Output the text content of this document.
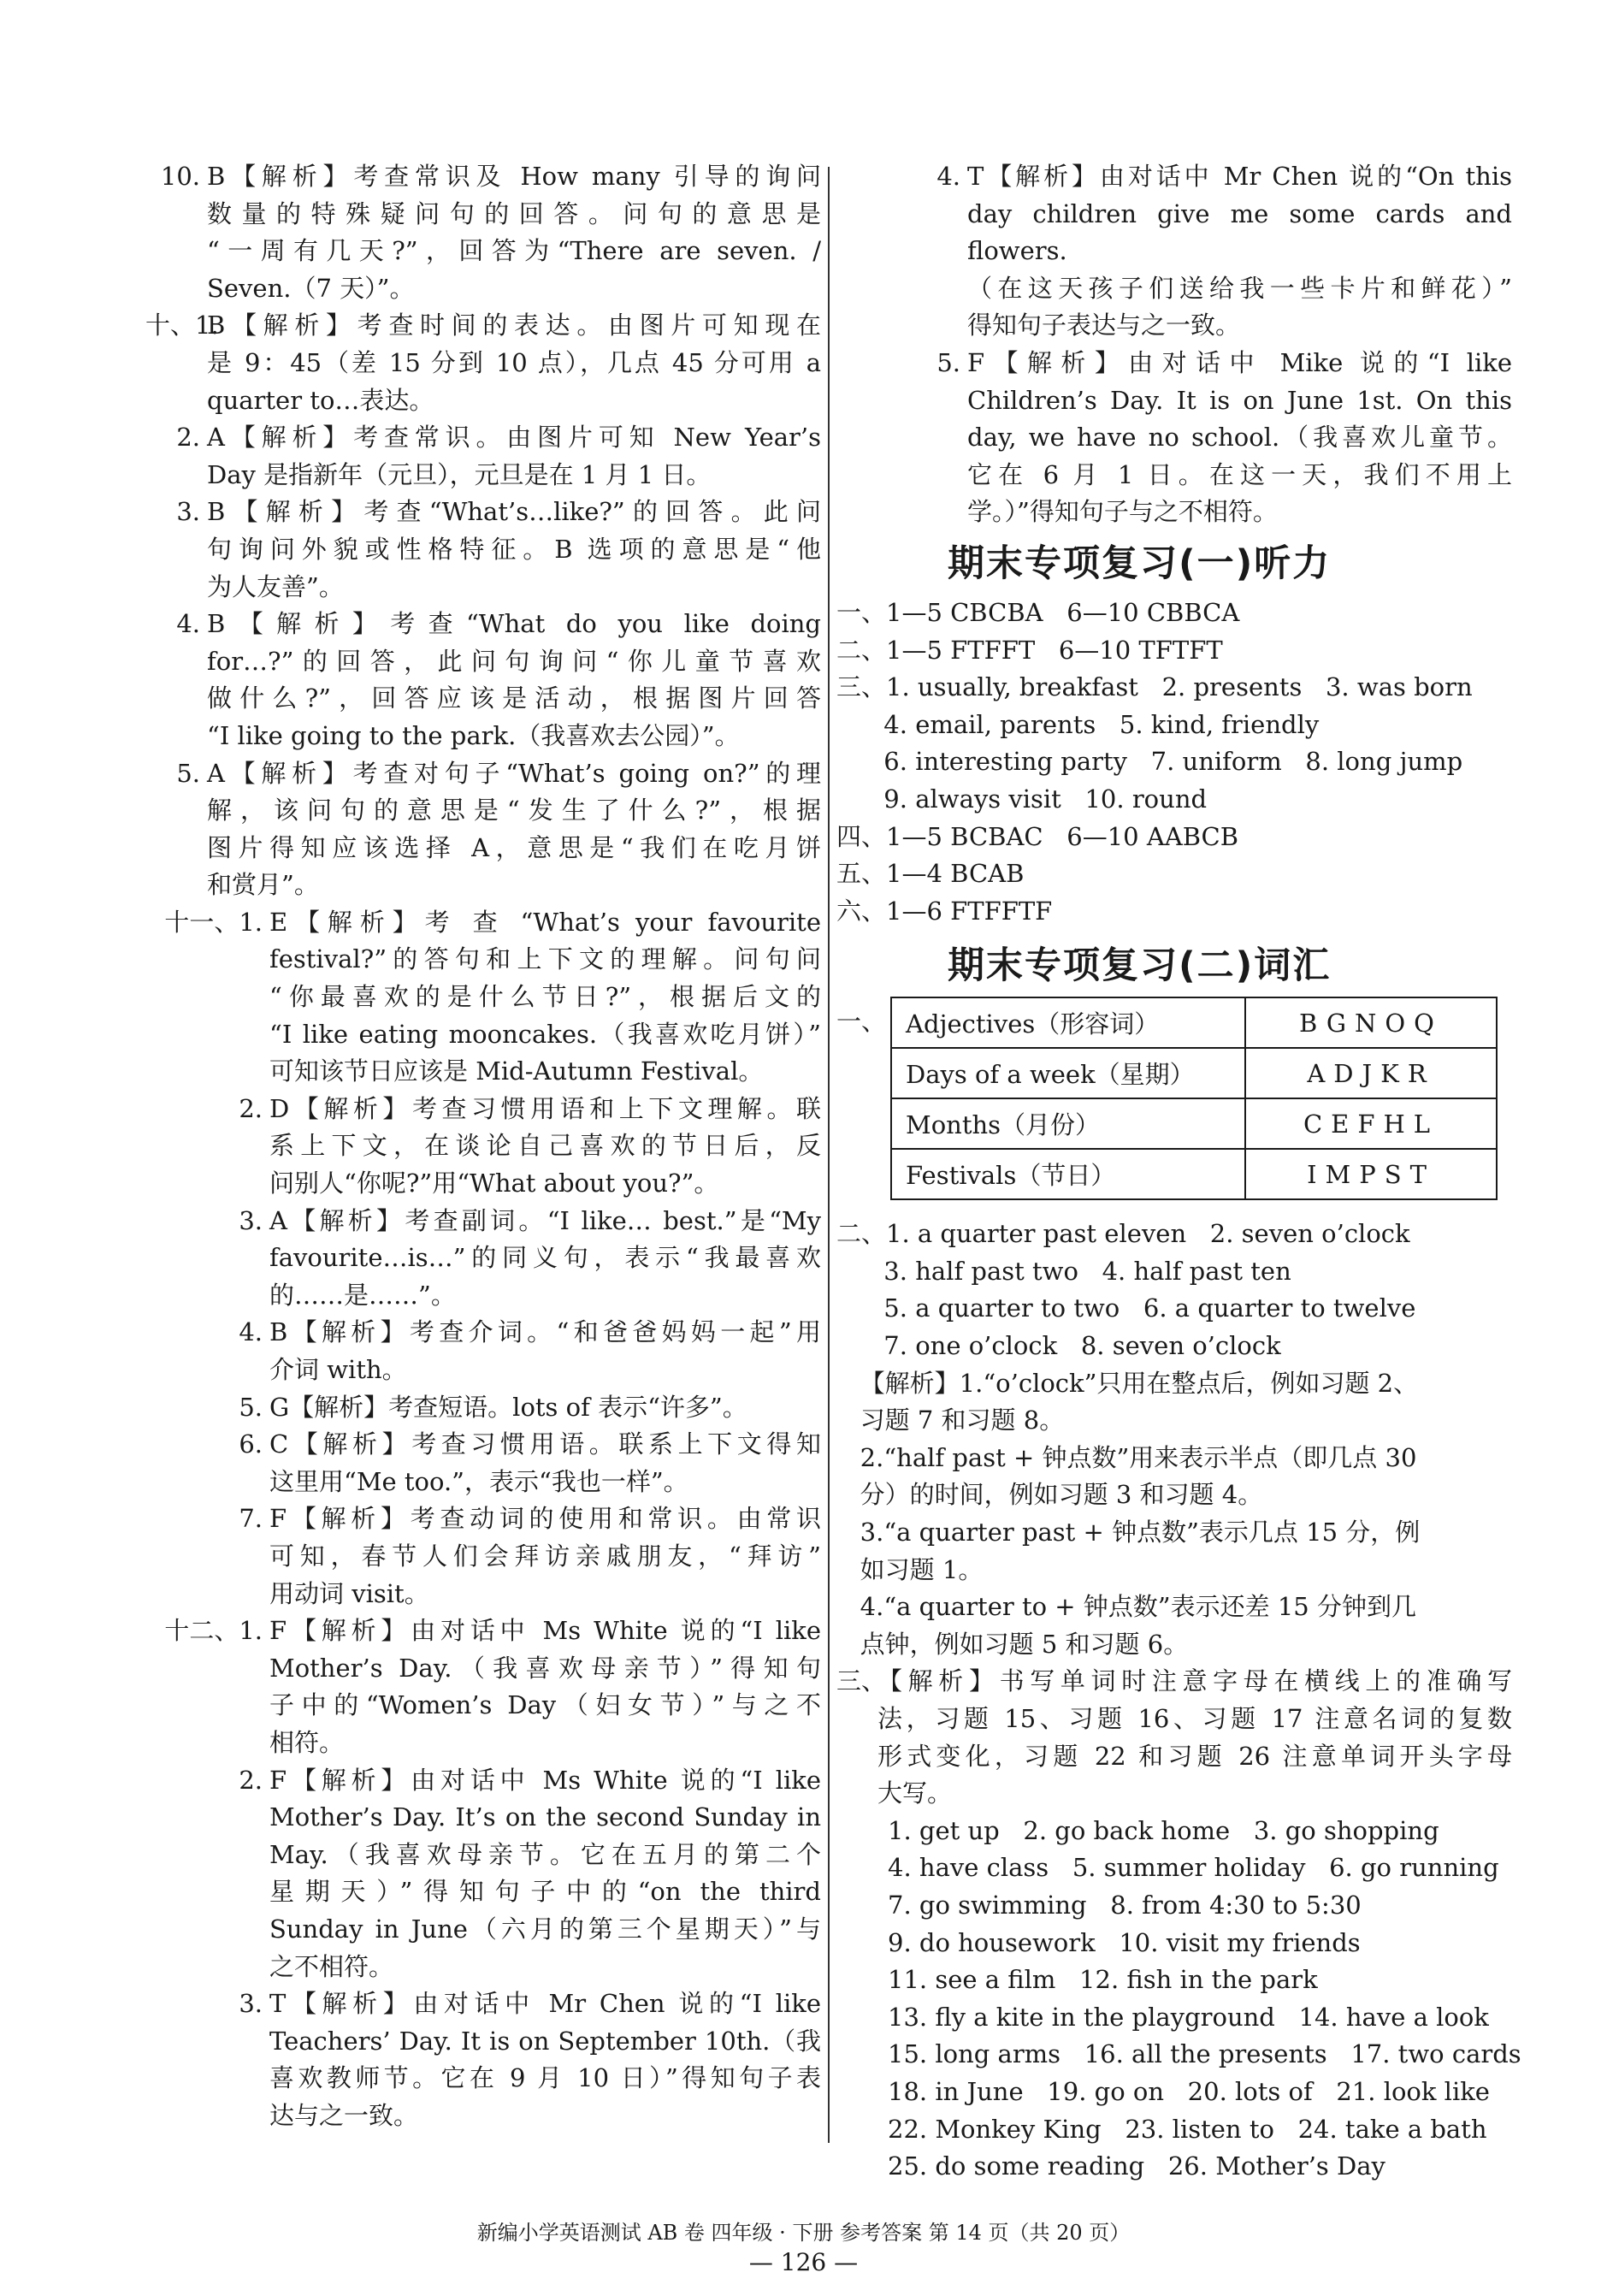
10. B【解析】考查常识及 How many 引导的询问
数量的特殊疑问句的回答。问句的意思是
“一周有几天?”，回答为“There are seven. /
Seven.（7 天）”。
十、1.
B【解析】考查时间的表达。由图片可知现在
是 9：45（差 15 分到 10 点），几点 45 分可用 a
quarter to…表达。
2. A【解析】考查常识。由图片可知 New Year’s
Day 是指新年（元旦），元旦是在 1 月 1 日。
3. B【解析】考查“What’s…like?”的回答。此问
句询问外貌或性格特征。B 选项的意思是“他
为人友善”。
4. B【解析】考查“What do you like doing
for…?”的回答，此问句询问“你儿童节喜欢
做什么?”，回答应该是活动，根据图片回答
“I like going to the park.（我喜欢去公园）”。
5. A【解析】考查对句子“What’s going on?”的理
解，该问句的意思是“发生了什么?”，根据
图片得知应该选择 A，意思是“我们在吃月饼
和赏月”。
十一、1. E【解析】考 查 “What’s your favourite
festival?”的答句和上下文的理解。问句问
“你最喜欢的是什么节日?”，根据后文的
“I like eating mooncakes.（我喜欢吃月饼）”
可知该节日应该是 Mid-Autumn Festival。
2. D【解析】考查习惯用语和上下文理解。联
系上下文，在谈论自己喜欢的节日后，反
问别人“你呢?”用“What about you?”。
3. A【解析】考查副词。“I like… best.”是“My
favourite…is…”的同义句，表示“我最喜欢
的……是……”。
4. B【解析】考查介词。“和爸爸妈妈一起”用
介词 with。
5. G【解析】考查短语。lots of 表示“许多”。
6. C【解析】考查习惯用语。联系上下文得知
这里用“Me too.”，表示“我也一样”。
7. F【解析】考查动词的使用和常识。由常识
可知，春节人们会拜访亲戚朋友，“拜访”
用动词 visit。
十二、1. F【解析】由对话中 Ms White 说的“I like
Mother’s Day.（我喜欢母亲节）”得知句
子中的“Women’s Day（妇女节）”与之不
相符。
2. F【解析】由对话中 Ms White 说的“I like
Mother’s Day. It’s on the second Sunday in
May.（我喜欢母亲节。它在五月的第二个
星期天）”得知句子中的“on the third
Sunday in June（六月的第三个星期天）”与
之不相符。
3. T【解析】由对话中 Mr Chen 说的“I like
Teachers’ Day. It is on September 10th.（我
喜欢教师节。它在 9 月 10 日）”得知句子表
达与之一致。
4. T【解析】由对话中 Mr Chen 说的“On this
day children give me some cards and flowers.
（在这天孩子们送给我一些卡片和鲜花）”
得知句子表达与之一致。
5. F【解析】由对话中 Mike 说的“I like
Children’s Day. It is on June 1st. On this
day, we have no school.（我喜欢儿童节。
它在 6 月 1 日。在这一天，我们不用上
学。）”得知句子与之不相符。
期末专项复习(一)听力
一、1—5 CBCBA   6—10 CBBCA
二、1—5 FTFFT   6—10 TFTFT
三、1. usually, breakfast   2. presents   3. was born
4. email, parents   5. kind, friendly
6. interesting party   7. uniform   8. long jump
9. always visit   10. round
四、1—5 BCBAC   6—10 AABCB
五、1—4 BCAB
六、1—6 FTFFTF
期末专项复习(二)词汇
一、 Adjectives（形容词）	BGNOQ
Days of a week（星期）	ADJKR
Months（月份）	CEFHL
Festivals（节日）	IMPST
二、1. a quarter past eleven   2. seven o’clock
3. half past two   4. half past ten
5. a quarter to two   6. a quarter to twelve
7. one o’clock   8. seven o’clock
【解析】1.“o’clock”只用在整点后，例如习题 2、
习题 7 和习题 8。
2.“half past + 钟点数”用来表示半点（即几点 30
分）的时间，例如习题 3 和习题 4。
3.“a quarter past + 钟点数”表示几点 15 分，例
如习题 1。
4.“a quarter to + 钟点数”表示还差 15 分钟到几
点钟，例如习题 5 和习题 6。
三、
【解析】书写单词时注意字母在横线上的准确写
法，习题 15、习题 16、习题 17 注意名词的复数
形式变化，习题 22 和习题 26 注意单词开头字母
大写。
1. get up   2. go back home   3. go shopping
4. have class   5. summer holiday   6. go running
7. go swimming   8. from 4:30 to 5:30
9. do housework   10. visit my friends
11. see a film   12. fish in the park
13. fly a kite in the playground   14. have a look
15. long arms   16. all the presents   17. two cards
18. in June   19. go on   20. lots of   21. look like
22. Monkey King   23. listen to   24. take a bath
25. do some reading   26. Mother’s Day
新编小学英语测试 AB 卷 四年级 · 下册 参考答案 第 14 页（共 20 页）
— 126 —
